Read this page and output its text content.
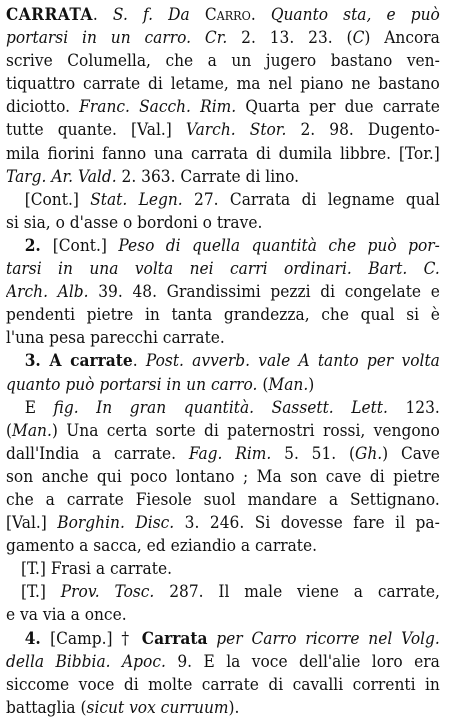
CARRATA. S. f. Da Carro. Quanto sta, e può
portarsi in un carro. Cr. 2. 13. 23. (C) Ancora
scrive Columella, che a un jugero bastano ven-
tiquattro carrate di letame, ma nel piano ne bastano
diciotto. Franc. Sacch. Rim. Quarta per due carrate
tutte quante. [Val.] Varch. Stor. 2. 98. Dugento-
mila fiorini fanno una carrata di dumila libbre. [Tor.]
Targ. Ar. Vald. 2. 363. Carrate di lino.
[Cont.] Stat. Legn. 27. Carrata di legname qual
si sia, o d'asse o bordoni o trave.
2. [Cont.] Peso di quella quantità che può por-
tarsi in una volta nei carri ordinari. Bart. C.
Arch. Alb. 39. 48. Grandissimi pezzi di congelate e
pendenti pietre in tanta grandezza, che qual si è
l'una pesa parecchi carrate.
3. A carrate. Post. avverb. vale A tanto per volta
quanto può portarsi in un carro. (Man.)
E fig. In gran quantità. Sassett. Lett. 123.
(Man.) Una certa sorte di paternostri rossi, vengono
dall'India a carrate. Fag. Rim. 5. 51. (Gh.) Cave
son anche qui poco lontano ; Ma son cave di pietre
che a carrate Fiesole suol mandare a Settignano.
[Val.] Borghin. Disc. 3. 246. Si dovesse fare il pa-
gamento a sacca, ed eziandio a carrate.
[T.] Frasi a carrate.
[T.] Prov. Tosc. 287. Il male viene a carrate,
e va via a once.
4. [Camp.] † Carrata per Carro ricorre nel Volg.
della Bibbia. Apoc. 9. E la voce dell'alie loro era
siccome voce di molte carrate di cavalli correnti in
battaglia (sicut vox curruum).
